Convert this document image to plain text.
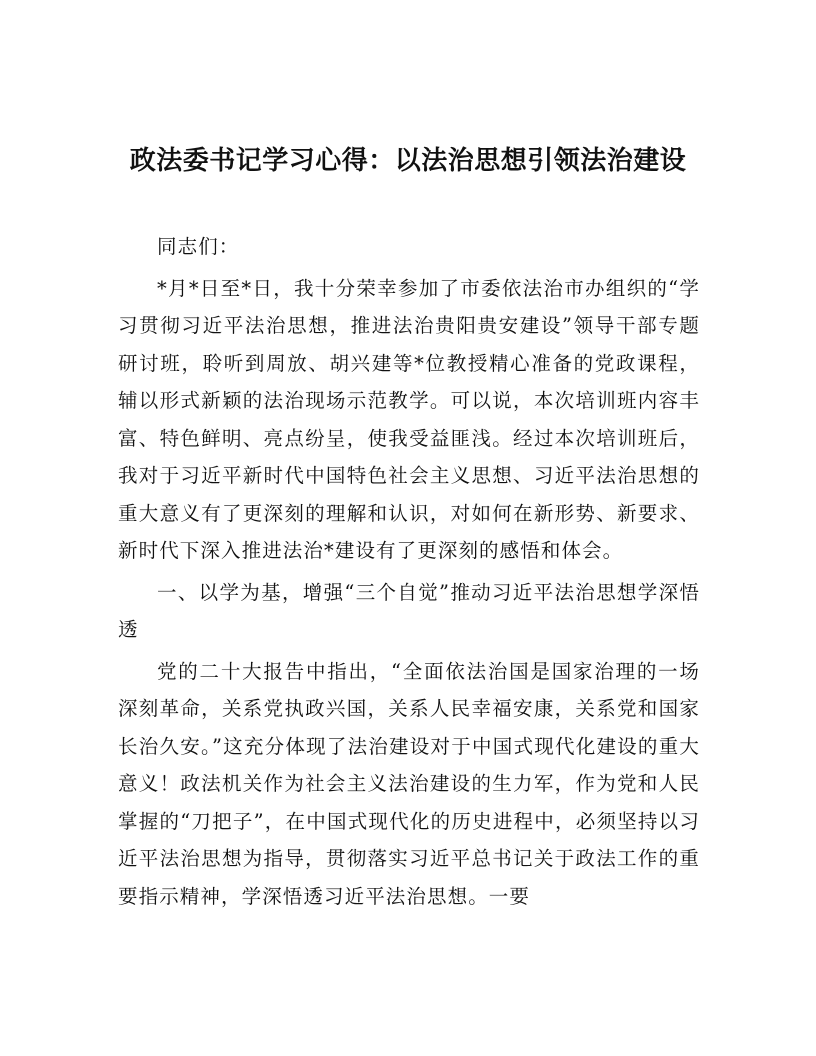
政法委书记学习心得：以法治思想引领法治建设

同志们：

*月*日至*日，我十分荣幸参加了市委依法治市办组织的“学习贯彻习近平法治思想，推进法治贵阳贵安建设”领导干部专题研讨班，聆听到周放、胡兴建等*位教授精心准备的党政课程，辅以形式新颖的法治现场示范教学。可以说，本次培训班内容丰富、特色鲜明、亮点纷呈，使我受益匪浅。经过本次培训班后，我对于习近平新时代中国特色社会主义思想、习近平法治思想的重大意义有了更深刻的理解和认识，对如何在新形势、新要求、新时代下深入推进法治*建设有了更深刻的感悟和体会。

一、以学为基，增强“三个自觉”推动习近平法治思想学深悟透

党的二十大报告中指出，“全面依法治国是国家治理的一场深刻革命，关系党执政兴国，关系人民幸福安康，关系党和国家长治久安。”这充分体现了法治建设对于中国式现代化建设的重大意义！政法机关作为社会主义法治建设的生力军，作为党和人民掌握的“刀把子”，在中国式现代化的历史进程中，必须坚持以习近平法治思想为指导，贯彻落实习近平总书记关于政法工作的重要指示精神，学深悟透习近平法治思想。一要
